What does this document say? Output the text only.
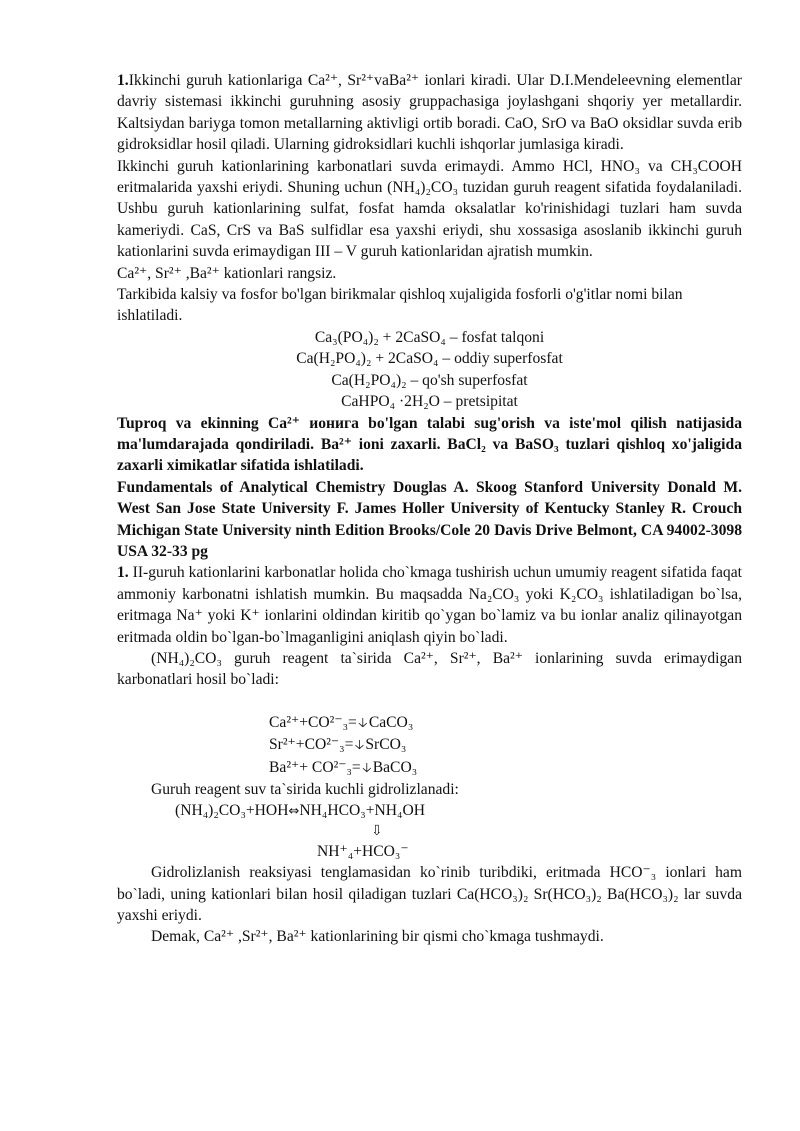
1.Ikkinchi guruh kationlariga Ca²⁺, Sr²⁺vaBa²⁺ ionlari kiradi. Ular D.I.Mendeleevning elementlar davriy sistemasi ikkinchi guruhning asosiy gruppachasiga joylashgani shqoriy yer metallardir. Kaltsiydan bariyga tomon metallarning aktivligi ortib boradi. CaO, SrO va BaO oksidlar suvda erib gidroksidlar hosil qiladi. Ularning gidroksidlari kuchli ishqorlar jumlasiga kiradi.

Ikkinchi guruh kationlarining karbonatlari suvda erimaydi. Ammo HCl, HNO₃ va CH₃COOH eritmalarida yaxshi eriydi. Shuning uchun (NH₄)₂CO₃ tuzidan guruh reagent sifatida foydalaniladi. Ushbu guruh kationlarining sulfat, fosfat hamda oksalatlar ko'rinishidagi tuzlari ham suvda kameriydi. CaS, CrS va BaS sulfidlar esa yaxshi eriydi, shu xossasiga asoslanib ikkinchi guruh kationlarini suvda erimaydigan III – V guruh kationlaridan ajratish mumkin.

Ca²⁺, Sr²⁺ ,Ba²⁺ kationlari rangsiz.

Tarkibida kalsiy va fosfor bo'lgan birikmalar qishloq xujaligida fosforli o'g'itlar nomi bilan ishlatiladi.

Ca₃(PO₄)₂ + 2CaSO₄ – fosfat talqoni

Ca(H₂PO₄)₂ + 2CaSO₄ – oddiy superfosfat

Ca(H₂PO₄)₂ – qo'sh superfosfat

CaHPO₄ ·2H₂O – pretsipitat

Tuproq va ekinning Ca²⁺ ионига bo'lgan talabi sug'orish va iste'mol qilish natijasida ma'lumdarajada qondiriladi. Ba²⁺ ioni zaxarli. BaCl₂ va BaSO₃ tuzlari qishloq xo'jaligida zaxarli ximikatlar sifatida ishlatiladi.

Fundamentals of Analytical Chemistry Douglas A. Skoog Stanford University Donald M. West San Jose State University F. James Holler University of Kentucky Stanley R. Crouch Michigan State University ninth Edition Brooks/Cole 20 Davis Drive Belmont, CA 94002-3098 USA 32-33 pg

1. II-guruh kationlarini karbonatlar holida cho`kmaga tushirish uchun umumiy reagent sifatida faqat ammoniy karbonatni ishlatish mumkin. Bu maqsadda Na₂CO₃ yoki K₂CO₃ ishlatiladigan bo`lsa, eritmaga Na⁺ yoki K⁺ ionlarini oldindan kiritib qo`ygan bo`lamiz va bu ionlar analiz qilinayotgan eritmada oldin bo`lgan-bo`lmaganligini aniqlash qiyin bo`ladi.

(NH₄)₂CO₃ guruh reagent ta`sirida Ca²⁺, Sr²⁺, Ba²⁺ ionlarining suvda erimaydigan karbonatlari hosil bo`ladi:

Ca²⁺+CO²⁻₃=🡣CaCO₃

Sr²⁺+CO²⁻₃=🡣SrCO₃

Ba²⁺+ CO²⁻₃=🡣BaCO₃

Guruh reagent suv ta`sirida kuchli gidrolizlanadi:

(NH₄)₂CO₃+HOH⇔NH₄HCO₃+NH₄OH

⇩

NH⁺₄+HCO₃⁻

Gidrolizlanish reaksiyasi tenglamasidan ko`rinib turibdiki, eritmada HCO⁻₃ ionlari ham bo`ladi, uning kationlari bilan hosil qiladigan tuzlari Ca(HCO₃)₂ Sr(HCO₃)₂ Ba(HCO₃)₂ lar suvda yaxshi eriydi.

Demak, Ca²⁺ ,Sr²⁺, Ba²⁺ kationlarining bir qismi cho`kmaga tushmaydi.
